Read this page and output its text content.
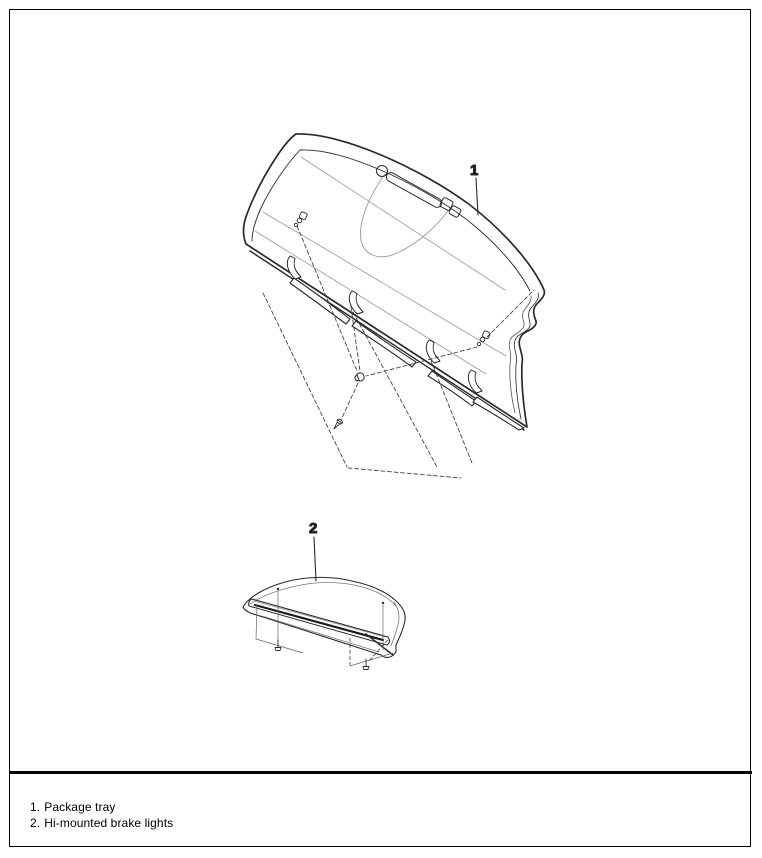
1
2
1. Package tray
2. Hi-mounted brake lights
